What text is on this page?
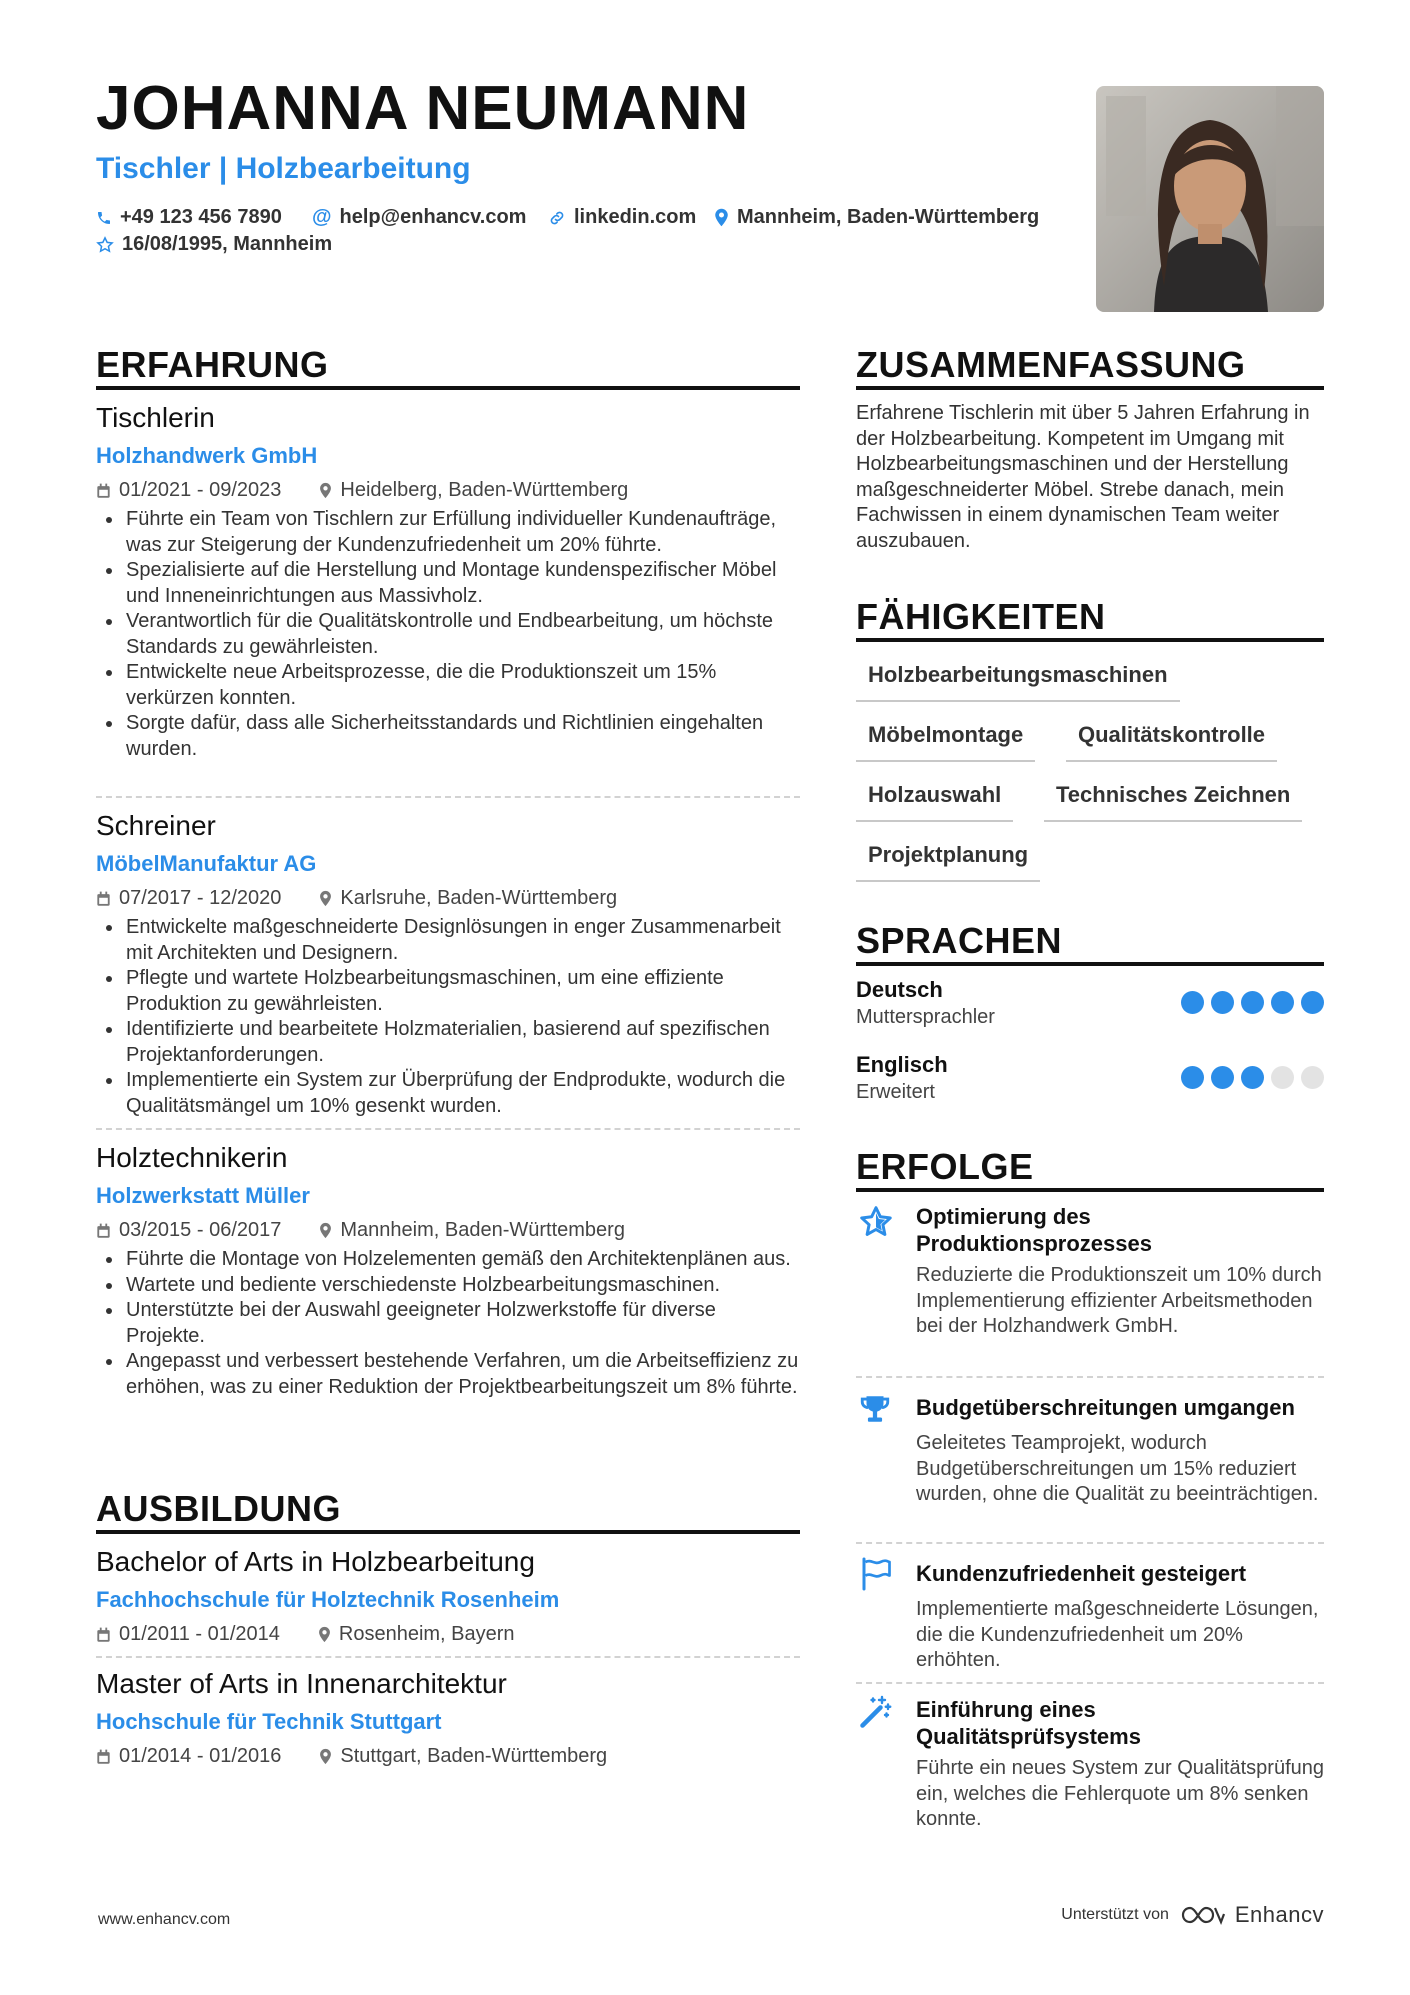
JOHANNA NEUMANN
Tischler | Holzbearbeitung
+49 123 456 7890 @ help@enhancv.com linkedin.com Mannheim, Baden-Württemberg
16/08/1995, Mannheim
ERFAHRUNG
Tischlerin
Holzhandwerk GmbH
01/2021 - 09/2023	Heidelberg, Baden-Württemberg
• Führte ein Team von Tischlern zur Erfüllung individueller Kundenaufträge, was zur Steigerung der Kundenzufriedenheit um 20% führte.
• Spezialisierte auf die Herstellung und Montage kundenspezifischer Möbel und Inneneinrichtungen aus Massivholz.
• Verantwortlich für die Qualitätskontrolle und Endbearbeitung, um höchste Standards zu gewährleisten.
• Entwickelte neue Arbeitsprozesse, die die Produktionszeit um 15% verkürzen konnten.
• Sorgte dafür, dass alle Sicherheitsstandards und Richtlinien eingehalten wurden.
Schreiner
MöbelManufaktur AG
07/2017 - 12/2020	Karlsruhe, Baden-Württemberg
• Entwickelte maßgeschneiderte Designlösungen in enger Zusammenarbeit mit Architekten und Designern.
• Pflegte und wartete Holzbearbeitungsmaschinen, um eine effiziente Produktion zu gewährleisten.
• Identifizierte und bearbeitete Holzmaterialien, basierend auf spezifischen Projektanforderungen.
• Implementierte ein System zur Überprüfung der Endprodukte, wodurch die Qualitätsmängel um 10% gesenkt wurden.
Holztechnikerin
Holzwerkstatt Müller
03/2015 - 06/2017	Mannheim, Baden-Württemberg
• Führte die Montage von Holzelementen gemäß den Architektenplänen aus.
• Wartete und bediente verschiedenste Holzbearbeitungsmaschinen.
• Unterstützte bei der Auswahl geeigneter Holzwerkstoffe für diverse Projekte.
• Angepasst und verbessert bestehende Verfahren, um die Arbeitseffizienz zu erhöhen, was zu einer Reduktion der Projektbearbeitungszeit um 8% führte.
AUSBILDUNG
Bachelor of Arts in Holzbearbeitung
Fachhochschule für Holztechnik Rosenheim
01/2011 - 01/2014	Rosenheim, Bayern
Master of Arts in Innenarchitektur
Hochschule für Technik Stuttgart
01/2014 - 01/2016	Stuttgart, Baden-Württemberg
ZUSAMMENFASSUNG
Erfahrene Tischlerin mit über 5 Jahren Erfahrung in der Holzbearbeitung. Kompetent im Umgang mit Holzbearbeitungsmaschinen und der Herstellung maßgeschneiderter Möbel. Strebe danach, mein Fachwissen in einem dynamischen Team weiter auszubauen.
FÄHIGKEITEN
Holzbearbeitungsmaschinen
Möbelmontage	Qualitätskontrolle
Holzauswahl	Technisches Zeichnen
Projektplanung
SPRACHEN
Deutsch
Muttersprachler
Englisch
Erweitert
ERFOLGE
Optimierung des Produktionsprozesses
Reduzierte die Produktionszeit um 10% durch Implementierung effizienter Arbeitsmethoden bei der Holzhandwerk GmbH.
Budgetüberschreitungen umgangen
Geleitetes Teamprojekt, wodurch Budgetüberschreitungen um 15% reduziert wurden, ohne die Qualität zu beeinträchtigen.
Kundenzufriedenheit gesteigert
Implementierte maßgeschneiderte Lösungen, die die Kundenzufriedenheit um 20% erhöhten.
Einführung eines Qualitätsprüfsystems
Führte ein neues System zur Qualitätsprüfung ein, welches die Fehlerquote um 8% senken konnte.
www.enhancv.com	Unterstützt von	Enhancv
